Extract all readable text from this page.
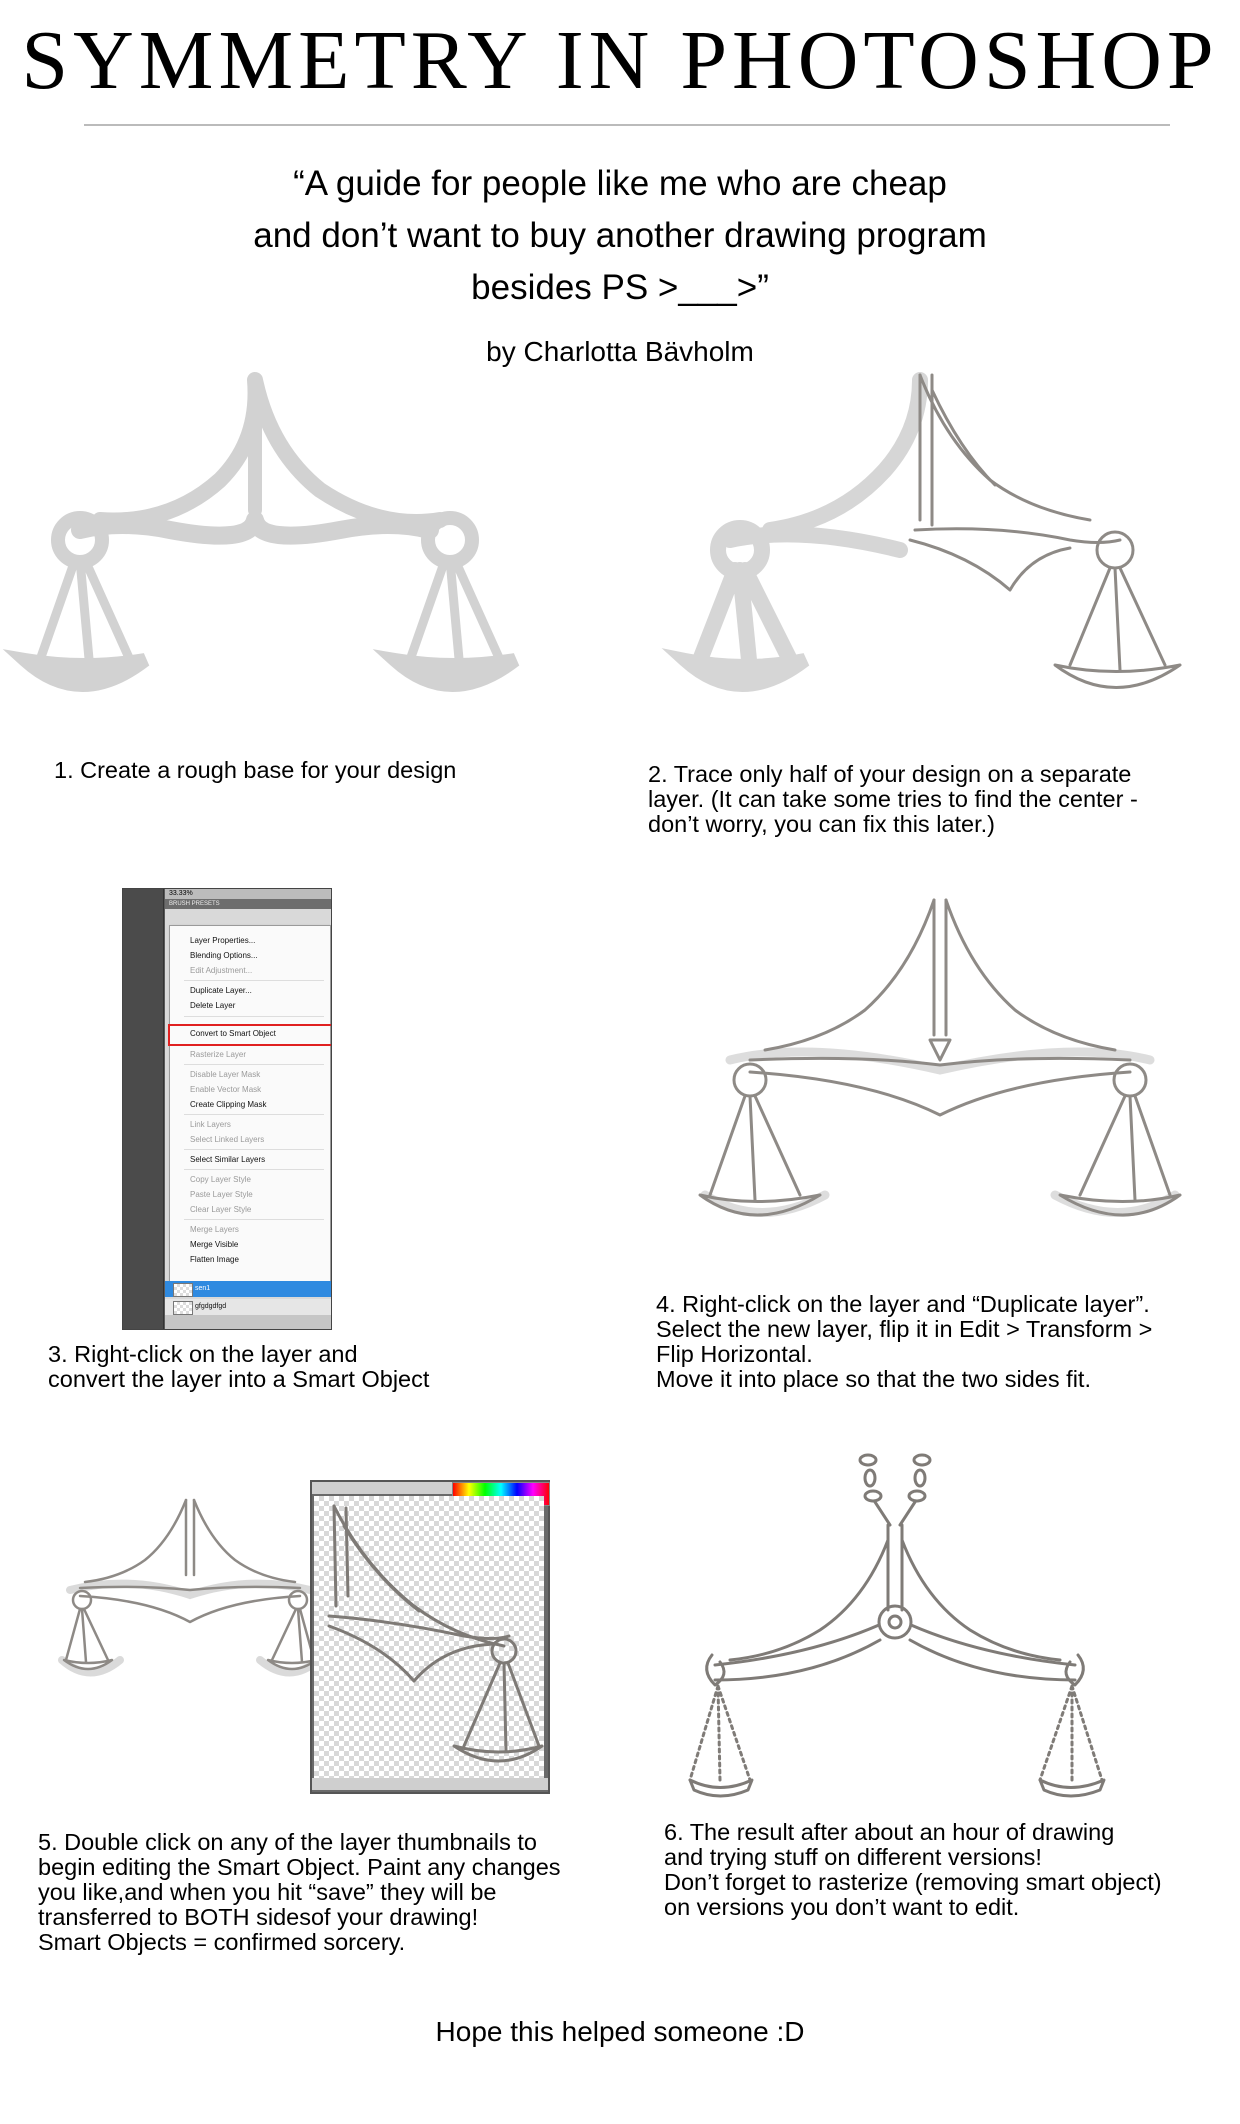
SYMMETRY IN PHOTOSHOP
“A guide for people like me who are cheap
and don’t want to buy another drawing program
besides PS >___>”
by Charlotta Bävholm
1. Create a rough base for your design	2. Trace only half of your design on a separate
layer. (It can take some tries to find the center -
don’t worry, you can fix this later.)
33.33%
BRUSH PRESETS
Layer Properties...
Blending Options...
Edit Adjustment...
Duplicate Layer...
Delete Layer
Convert to Smart Object
Rasterize Layer
Disable Layer Mask
Enable Vector Mask
Create Clipping Mask
Link Layers
Select Linked Layers
Select Similar Layers
Copy Layer Style
Paste Layer Style
Clear Layer Style
Merge Layers
Merge Visible
Flatten Image
sen1
gfgdgdfgd
3. Right-click on the layer and
convert the layer into a Smart Object
4. Right-click on the layer and “Duplicate layer”.
Select the new layer, flip it in Edit > Transform >
Flip Horizontal.
Move it into place so that the two sides fit.
5. Double click on any of the layer thumbnails to
begin editing the Smart Object. Paint any changes
you like,and when you hit “save” they will be
transferred to BOTH sidesof your drawing!
Smart Objects = confirmed sorcery.
6. The result after about an hour of drawing
and trying stuff on different versions!
Don’t forget to rasterize (removing smart object)
on versions you don’t want to edit.
Hope this helped someone :D
